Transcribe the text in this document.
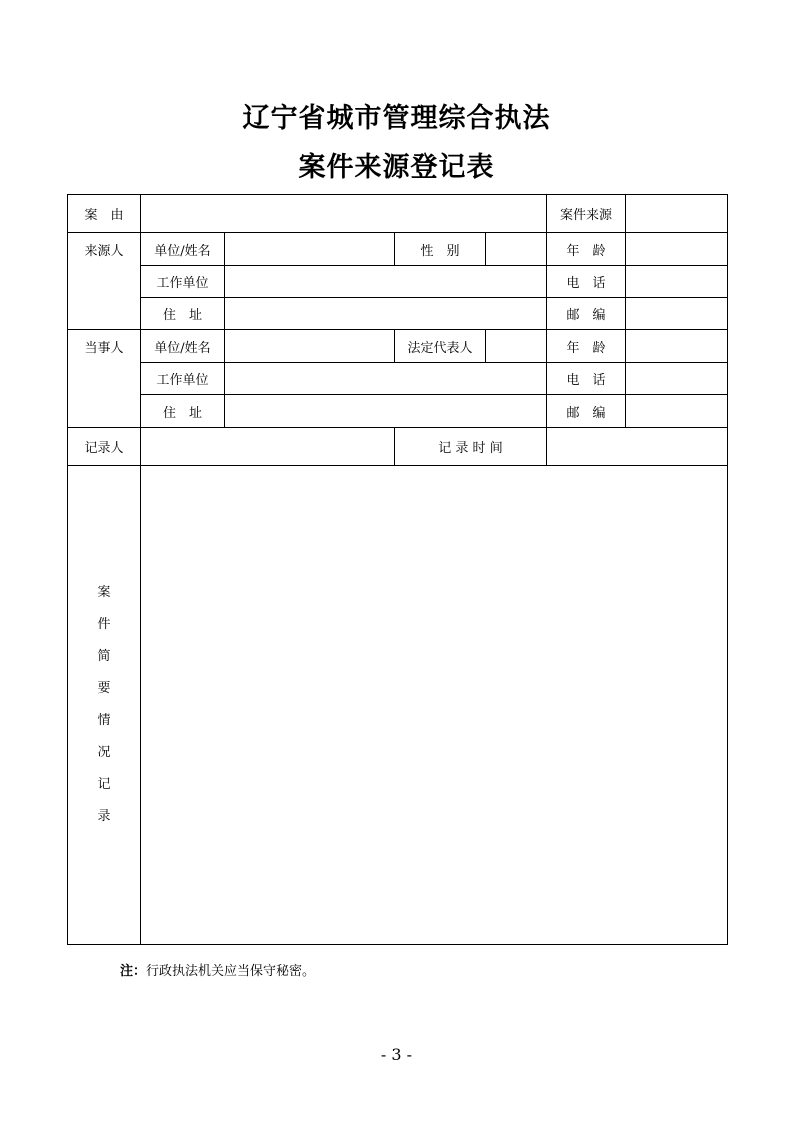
辽宁省城市管理综合执法
案件来源登记表
案　由					案件来源	
来源人	单位/姓名		性　别		年　龄	
	工作单位				电　话	
	住　址				邮　编	
当事人	单位/姓名		法定代表人		年　龄	
	工作单位				电　话	
	住　址				邮　编	
记录人			记 录 时 间			
案件简要情况记录						
注：行政执法机关应当保守秘密。
- 3 -
